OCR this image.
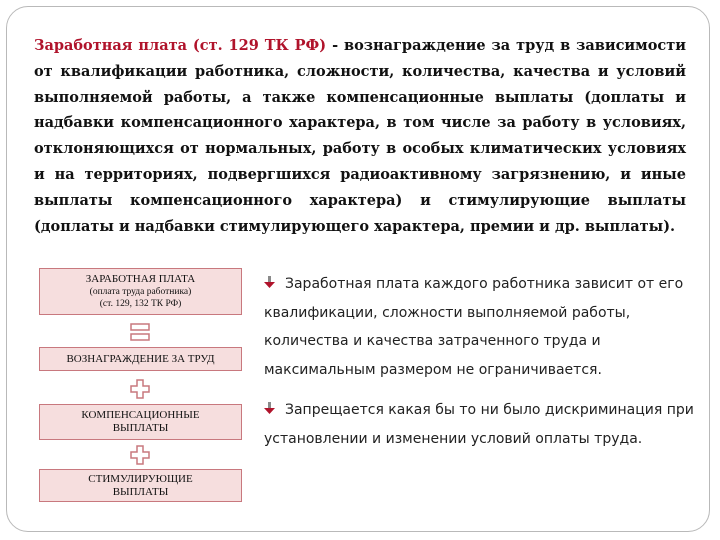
Заработная плата (ст. 129 ТК РФ) - вознаграждение за труд в зависимости от квалификации работника, сложности, количества, качества и условий выполняемой работы, а также компенсационные выплаты (доплаты и надбавки компенсационного характера, в том числе за работу в условиях, отклоняющихся от нормальных, работу в особых климатических условиях и на территориях, подвергшихся радиоактивному загрязнению, и иные выплаты компенсационного характера) и стимулирующие выплаты (доплаты и надбавки стимулирующего характера, премии и др. выплаты).
ЗАРАБОТНАЯ ПЛАТА
(оплата труда работника)
(ст. 129, 132 ТК РФ)
ВОЗНАГРАЖДЕНИЕ ЗА ТРУД
КОМПЕНСАЦИОННЫЕ ВЫПЛАТЫ
СТИМУЛИРУЮЩИЕ ВЫПЛАТЫ

Заработная плата каждого работника зависит от его квалификации, сложности выполняемой работы, количества и качества затраченного труда и максимальным размером не ограничивается.

Запрещается какая бы то ни было дискриминация при установлении и изменении условий оплаты труда.
